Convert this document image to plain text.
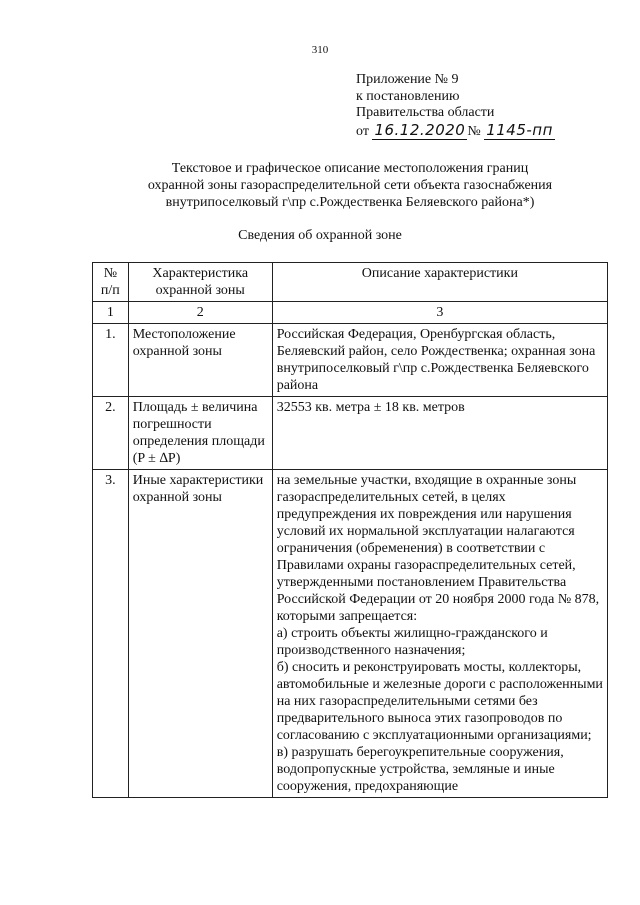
310
Приложение № 9
к постановлению
Правительства области
от 16.12.2020 № 1145-пп
Текстовое и графическое описание местоположения границ
охранной зоны газораспределительной сети объекта газоснабжения
внутрипоселковый г\пр с.Рождественка Беляевского района*)
Сведения об охранной зоне
№ п/п	Характеристика охранной зоны	Описание характеристики
1	2	3
1.	Местоположение охранной зоны	Российская Федерация, Оренбургская область, Беляевский район, село Рождественка; охранная зона внутрипоселковый г\пр с.Рождественка Беляевского района
2.	Площадь ± величина погрешности определения площади (P ± ∆P)	32553 кв. метра ± 18 кв. метров
3.	Иные характеристики охранной зоны	на земельные участки, входящие в охранные зоны газораспределительных сетей, в целях предупреждения их повреждения или нарушения условий их нормальной эксплуатации налагаются ограничения (обременения) в соответствии с Правилами охраны газораспределительных сетей, утвержденными постановлением Правительства Российской Федерации от 20 ноября 2000 года № 878, которыми запрещается:
а) строить объекты жилищно-гражданского и производственного назначения;
б) сносить и реконструировать мосты, коллекторы, автомобильные и железные дороги с расположенными на них газораспределительными сетями без предварительного выноса этих газопроводов по согласованию с эксплуатационными организациями;
в) разрушать берегоукрепительные сооружения, водопропускные устройства, земляные и иные сооружения, предохраняющие
